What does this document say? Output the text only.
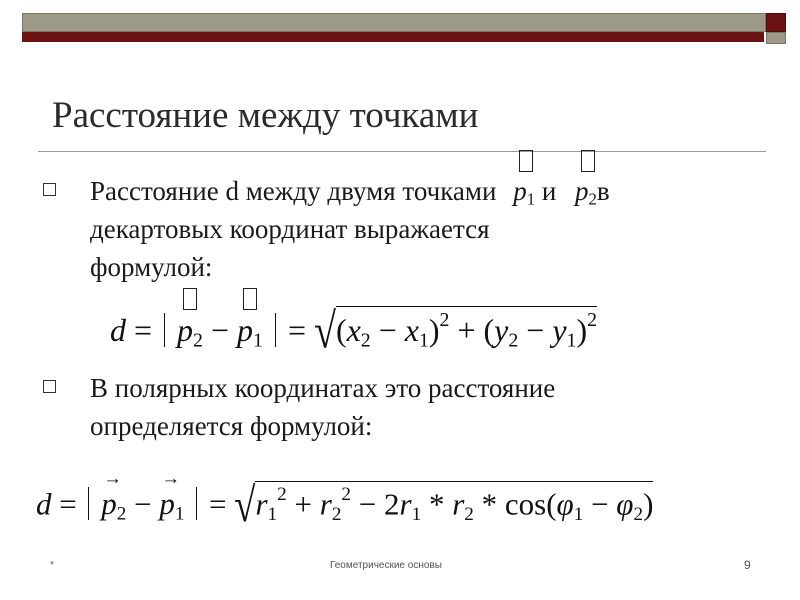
Расстояние между точками
Расстояние d между двумя точками $p_1$ и $p_2в$
декартовых координат выражается
формулой:
$d = p_2 - p_1 = √(x_2 - x_1)^2 + (y_2 - y_1)^2$
В полярных координатах это расстояние
определяется формулой:
d =
→
$p_2$ −
→
$p_1 = √r_1^2 + r_2^2 - 2r_1 * r_2 * \cos(\varphi_1 - \varphi_2)$
*	Геометрические основы	9
